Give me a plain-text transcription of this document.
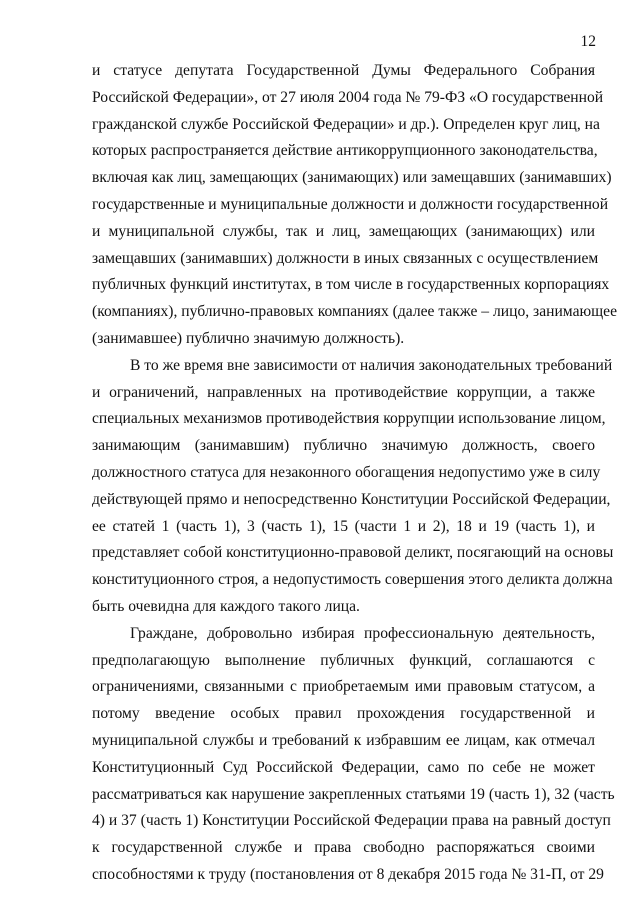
12
и статусе депутата Государственной Думы Федерального Собрания
Российской Федерации», от 27 июля 2004 года № 79-ФЗ «О государственной
гражданской службе Российской Федерации» и др.). Определен круг лиц, на
которых распространяется действие антикоррупционного законодательства,
включая как лиц, замещающих (занимающих) или замещавших (занимавших)
государственные и муниципальные должности и должности государственной
и муниципальной службы, так и лиц, замещающих (занимающих) или
замещавших (занимавших) должности в иных связанных с осуществлением
публичных функций институтах, в том числе в государственных корпорациях
(компаниях), публично-правовых компаниях (далее также – лицо, занимающее
(занимавшее) публично значимую должность).
В то же время вне зависимости от наличия законодательных требований
и ограничений, направленных на противодействие коррупции, а также
специальных механизмов противодействия коррупции использование лицом,
занимающим (занимавшим) публично значимую должность, своего
должностного статуса для незаконного обогащения недопустимо уже в силу
действующей прямо и непосредственно Конституции Российской Федерации,
ее статей 1 (часть 1), 3 (часть 1), 15 (части 1 и 2), 18 и 19 (часть 1), и
представляет собой конституционно-правовой деликт, посягающий на основы
конституционного строя, а недопустимость совершения этого деликта должна
быть очевидна для каждого такого лица.
Граждане, добровольно избирая профессиональную деятельность,
предполагающую выполнение публичных функций, соглашаются с
ограничениями, связанными с приобретаемым ими правовым статусом, а
потому введение особых правил прохождения государственной и
муниципальной службы и требований к избравшим ее лицам, как отмечал
Конституционный Суд Российской Федерации, само по себе не может
рассматриваться как нарушение закрепленных статьями 19 (часть 1), 32 (часть
4) и 37 (часть 1) Конституции Российской Федерации права на равный доступ
к государственной службе и права свободно распоряжаться своими
способностями к труду (постановления от 8 декабря 2015 года № 31-П, от 29
